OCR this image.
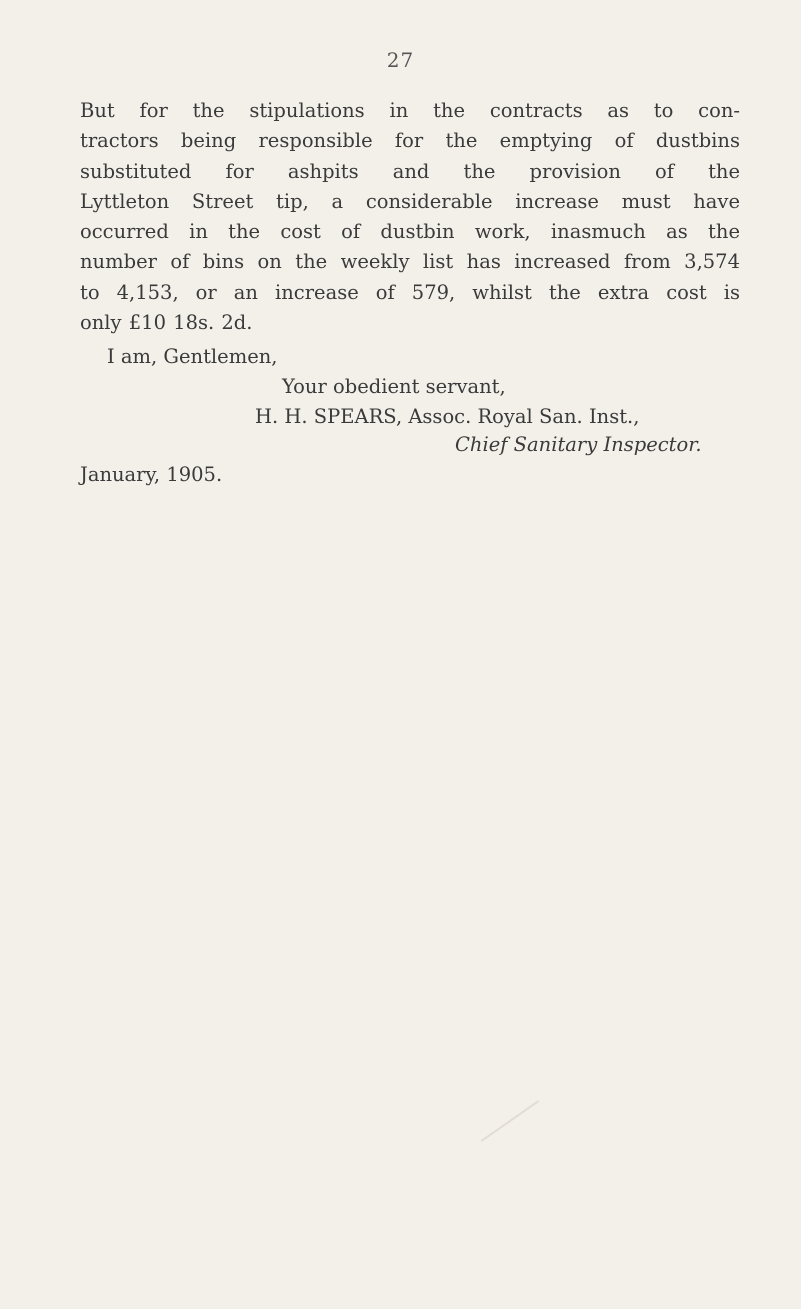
27
But for the stipulations in the contracts as to con-
tractors being responsible for the emptying of dustbins
substituted for ashpits and the provision of the
Lyttleton Street tip, a considerable increase must have
occurred in the cost of dustbin work, inasmuch as the
number of bins on the weekly list has increased from 3,574
to 4,153, or an increase of 579, whilst the extra cost is
only £10 18s. 2d.

I am, Gentlemen,

Your obedient servant,

H. H. SPEARS, Assoc. Royal San. Inst.,

Chief Sanitary Inspector.

January, 1905.
